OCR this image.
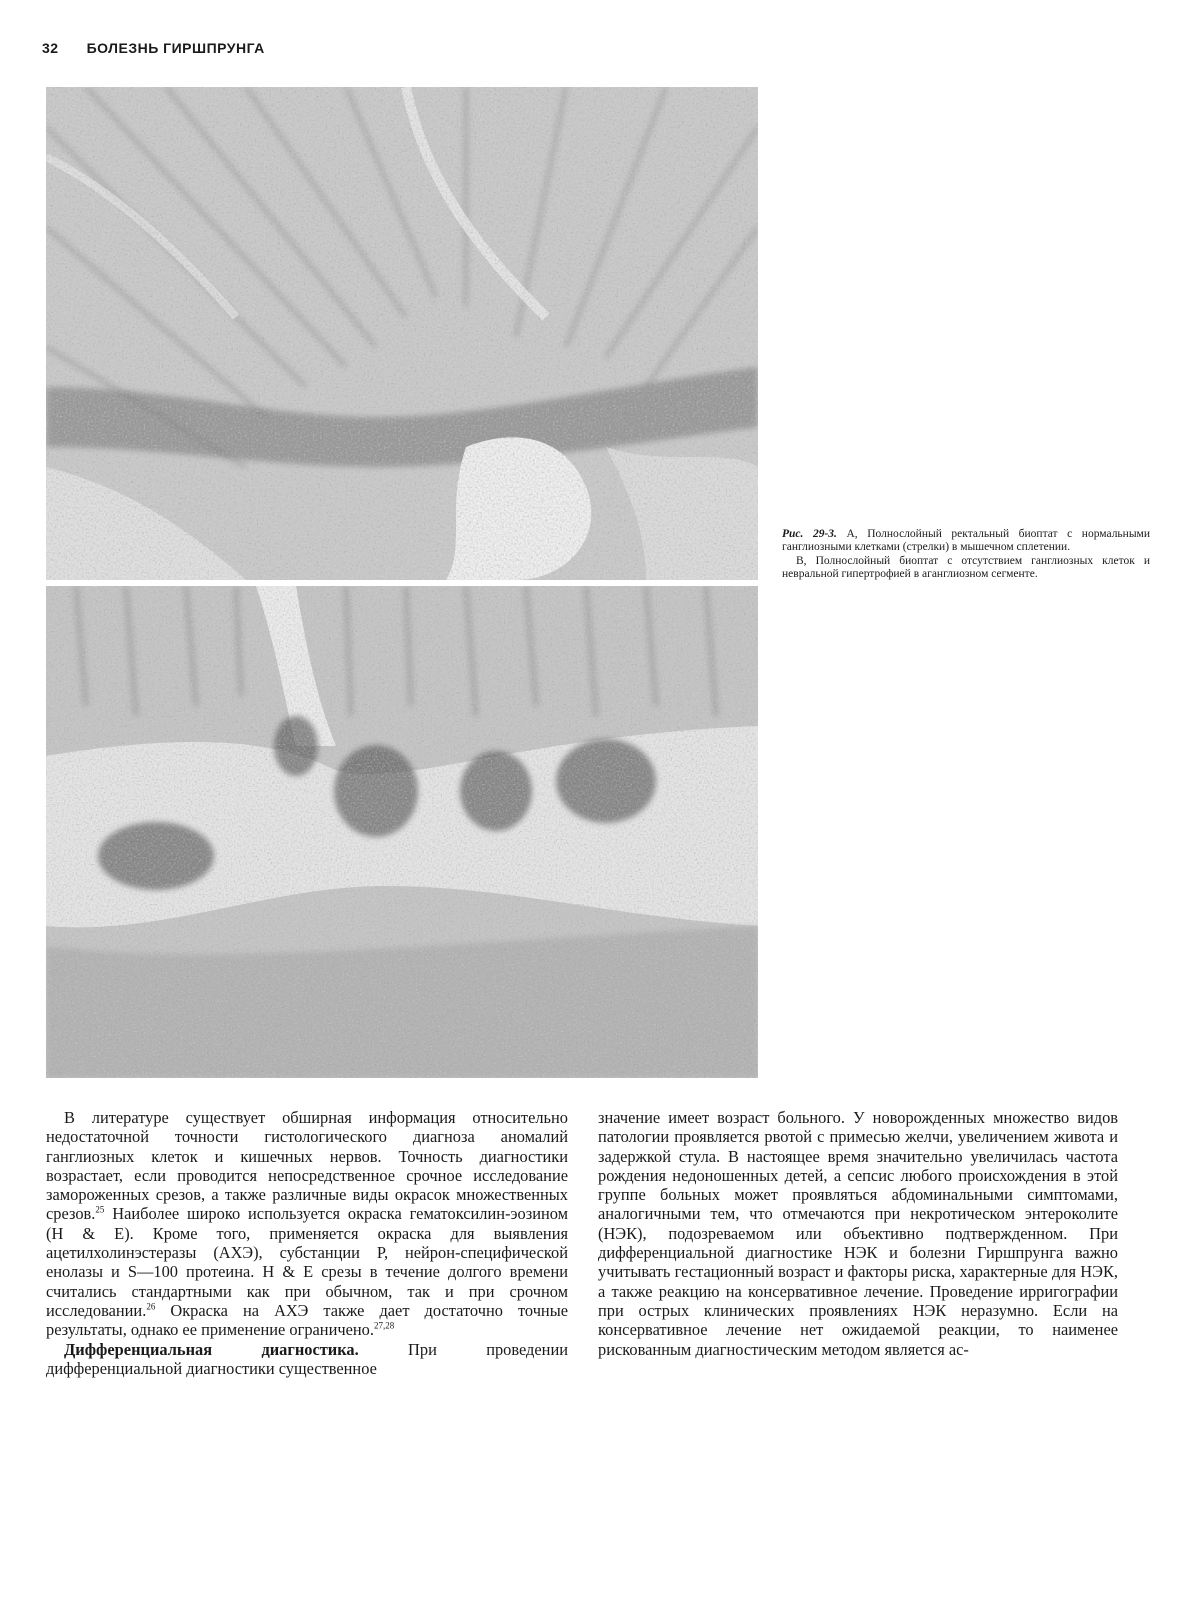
32 БОЛЕЗНЬ ГИРШПРУНГА

Рис. 29-3. А, Полнослойный ректальный биоптат с нормальными ганглиозными клетками (стрелки) в мышечном сплетении.

В, Полнослойный биоптат с отсутствием ганглиозных клеток и невральной гипертрофией в аганглиозном сегменте.

В литературе существует обширная информация относительно недостаточной точности гистологического диагноза аномалий ганглиозных клеток и кишечных нервов. Точность диагностики возрастает, если проводится непосредственное срочное исследование замороженных срезов, а также различные виды окрасок множественных срезов.$^{25}$ Наиболее широко используется окраска гематоксилин-эозином (Н & Е). Кроме того, применяется окраска для выявления ацетилхолинэстеразы (АХЭ), субстанции Р, нейрон-специфической енолазы и S—100 протеина. Н & Е срезы в течение долгого времени считались стандартными как при обычном, так и при срочном исследовании.$^{26}$ Окраска на АХЭ также дает достаточно точные результаты, однако ее применение ограничено.$^{27,28}$

Дифференциальная диагностика. При проведении дифференциальной диагностики существенное

значение имеет возраст больного. У новорожденных множество видов патологии проявляется рвотой с примесью желчи, увеличением живота и задержкой стула. В настоящее время значительно увеличилась частота рождения недоношенных детей, а сепсис любого происхождения в этой группе больных может проявляться абдоминальными симптомами, аналогичными тем, что отмечаются при некротическом энтероколите (НЭК), подозреваемом или объективно подтвержденном. При дифференциальной диагностике НЭК и болезни Гиршпрунга важно учитывать гестационный возраст и факторы риска, характерные для НЭК, а также реакцию на консервативное лечение. Проведение ирригографии при острых клинических проявлениях НЭК неразумно. Если на консервативное лечение нет ожидаемой реакции, то наименее рискованным диагностическим методом является ас-
